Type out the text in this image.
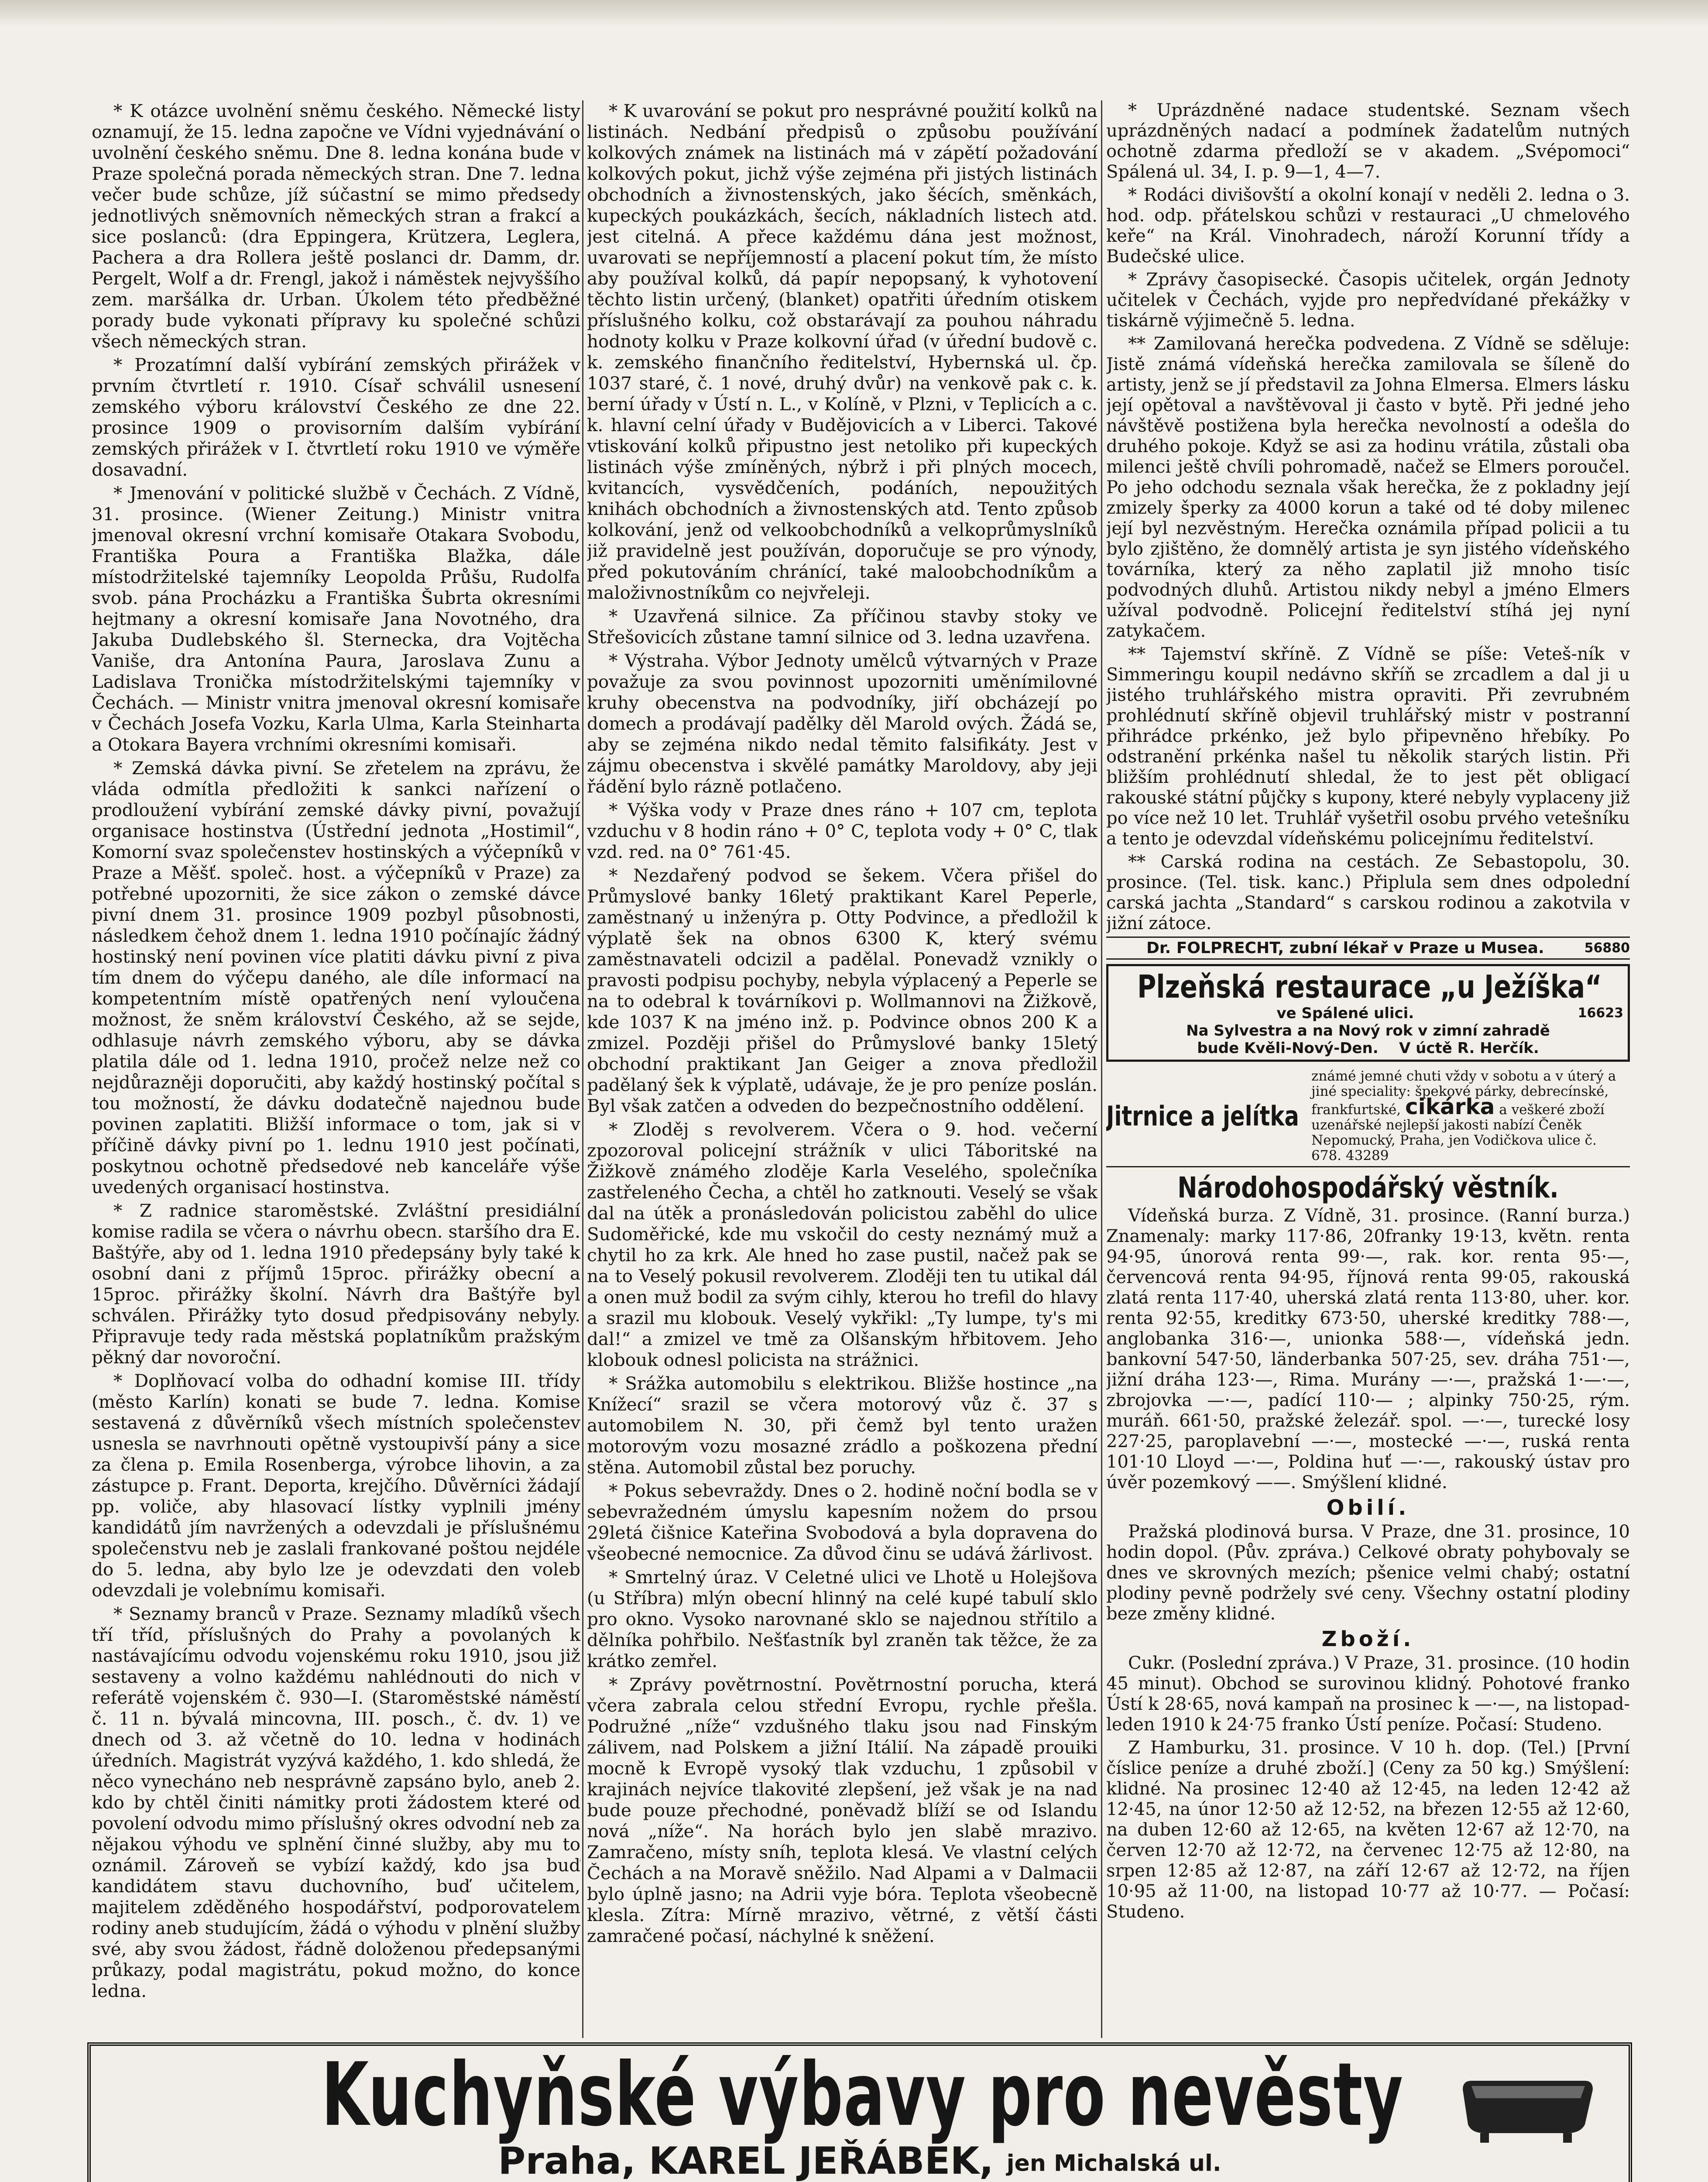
* K otázce uvolnění sněmu českého. Německé listy oznamují, že 15. ledna započne ve Vídni vyjednávání o uvolnění českého sněmu. Dne 8. ledna konána bude v Praze společná porada německých stran. Dne 7. ledna večer bude schůze, jíž súčastní se mimo předsedy jednotlivých sněmovních německých stran a frakcí a sice poslanců: (dra Eppingera, Krützera, Leglera, Pachera a dra Rollera ještě poslanci dr. Damm, dr. Pergelt, Wolf a dr. Frengl, jakož i náměstek nejvyššího zem. maršálka dr. Urban. Úkolem této předběžné porady bude vykonati přípravy ku společné schůzi všech německých stran.

* Prozatímní další vybírání zemských přirážek v prvním čtvrtletí r. 1910. Císař schválil usnesení zemského výboru království Českého ze dne 22. prosince 1909 o provisorním dalším vybírání zemských přirážek v I. čtvrtletí roku 1910 ve výměře dosavadní.

* Jmenování v politické službě v Čechách. Z Vídně, 31. prosince. (Wiener Zeitung.) Ministr vnitra jmenoval okresní vrchní komisaře Otakara Svobodu, Františka Poura a Františka Blažka, dále místodržitelské tajemníky Leopolda Průšu, Rudolfa svob. pána Procházku a Františka Šubrta okresními hejtmany a okresní komisaře Jana Novotného, dra Jakuba Dudlebského šl. Sternecka, dra Vojtěcha Vaniše, dra Antonína Paura, Jaroslava Zunu a Ladislava Tronička místodržitelskými tajemníky v Čechách. — Ministr vnitra jmenoval okresní komisaře v Čechách Josefa Vozku, Karla Ulma, Karla Steinharta a Otokara Bayera vrchními okresními komisaři.

* Zemská dávka pivní. Se zřetelem na zprávu, že vláda odmítla předložiti k sankci nařízení o prodloužení vybírání zemské dávky pivní, považují organisace hostinstva (Ústřední jednota „Hostimil“, Komorní svaz společenstev hostinských a výčepníků v Praze a Měšť. společ. host. a výčepníků v Praze) za potřebné upozorniti, že sice zákon o zemské dávce pivní dnem 31. prosince 1909 pozbyl působnosti, následkem čehož dnem 1. ledna 1910 počínajíc žádný hostinský není povinen více platiti dávku pivní z piva tím dnem do výčepu daného, ale díle informací na kompetentním místě opatřených není vyloučena možnost, že sněm království Českého, až se sejde, odhlasuje návrh zemského výboru, aby se dávka platila dále od 1. ledna 1910, pročež nelze než co nejdůrazněji doporučiti, aby každý hostinský počítal s tou možností, že dávku dodatečně najednou bude povinen zaplatiti. Bližší informace o tom, jak si v příčině dávky pivní po 1. lednu 1910 jest počínati, poskytnou ochotně předsedové neb kanceláře výše uvedených organisací hostinstva.

* Z radnice staroměstské. Zvláštní presidiální komise radila se včera o návrhu obecn. staršího dra E. Baštýře, aby od 1. ledna 1910 předepsány byly také k osobní dani z příjmů 15proc. přirážky obecní a 15proc. přirážky školní. Návrh dra Baštýře byl schválen. Přirážky tyto dosud předpisovány nebyly. Připravuje tedy rada městská poplatníkům pražským pěkný dar novoroční.

* Doplňovací volba do odhadní komise III. třídy (město Karlín) konati se bude 7. ledna. Komise sestavená z důvěrníků všech místních společenstev usnesla se navrhnouti opětně vystoupivší pány a sice za člena p. Emila Rosenberga, výrobce lihovin, a za zástupce p. Frant. Deporta, krejčího. Důvěrníci žádají pp. voliče, aby hlasovací lístky vyplnili jmény kandidátů jím navržených a odevzdali je příslušnému společenstvu neb je zaslali frankované poštou nejdéle do 5. ledna, aby bylo lze je odevzdati den voleb odevzdali je volebnímu komisaři.

* Seznamy branců v Praze. Seznamy mladíků všech tří tříd, příslušných do Prahy a povolaných k nastávajícímu odvodu vojenskému roku 1910, jsou již sestaveny a volno každému nahlédnouti do nich v referátě vojenském č. 930—I. (Staroměstské náměstí č. 11 n. bývalá mincovna, III. posch., č. dv. 1) ve dnech od 3. až včetně do 10. ledna v hodinách úředních. Magistrát vyzývá každého, 1. kdo shledá, že něco vynecháno neb nesprávně zapsáno bylo, aneb 2. kdo by chtěl činiti námitky proti žádostem které od povolení odvodu mimo příslušný okres odvodní neb za nějakou výhodu ve splnění činné služby, aby mu to oznámil. Zároveň se vybízí každý, kdo jsa buď kandidátem stavu duchovního, buď učitelem, majitelem zděděného hospodářství, podporovatelem rodiny aneb studujícím, žádá o výhodu v plnění služby své, aby svou žádost, řádně doloženou předepsanými průkazy, podal magistrátu, pokud možno, do konce ledna.

* K uvarování se pokut pro nesprávné použití kolků na listinách. Nedbání předpisů o způsobu používání kolkových známek na listinách má v zápětí požadování kolkových pokut, jichž výše zejména při jistých listinách obchodních a živnostenských, jako šécích, směnkách, kupeckých poukázkách, šecích, nákladních listech atd. jest citelná. A přece každému dána jest možnost, uvarovati se nepříjemností a placení pokut tím, že místo aby používal kolků, dá papír nepopsaný, k vyhotovení těchto listin určený, (blanket) opatřiti úředním otiskem příslušného kolku, což obstarávají za pouhou náhradu hodnoty kolku v Praze kolkovní úřad (v úřední budově c. k. zemského finančního ředitelství, Hybernská ul. čp. 1037 staré, č. 1 nové, druhý dvůr) na venkově pak c. k. berní úřady v Ústí n. L., v Kolíně, v Plzni, v Teplicích a c. k. hlavní celní úřady v Budějovicích a v Liberci. Takové vtiskování kolků připustno jest netoliko při kupeckých listinách výše zmíněných, nýbrž i při plných mocech, kvitancích, vysvědčeních, podáních, nepoužitých knihách obchodních a živnostenských atd. Tento způsob kolkování, jenž od velkoobchodníků a velkoprůmyslníků již pravidelně jest používán, doporučuje se pro výnody, před pokutováním chránící, také maloobchodníkům a maloživnostníkům co nejvřeleji.

* Uzavřená silnice. Za příčinou stavby stoky ve Střešovicích zůstane tamní silnice od 3. ledna uzavřena.

* Výstraha. Výbor Jednoty umělců výtvarných v Praze považuje za svou povinnost upozorniti uměnímilovné kruhy obecenstva na podvodníky, jiří obcházejí po domech a prodávají padělky děl Marold ových. Žádá se, aby se zejména nikdo nedal těmito falsifikáty. Jest v zájmu obecenstva i skvělé památky Maroldovy, aby jeji řádění bylo rázně potlačeno.

* Výška vody v Praze dnes ráno + 107 cm, teplota vzduchu v 8 hodin ráno + 0° C, teplota vody + 0° C, tlak vzd. red. na 0° 761·45.

* Nezdařený podvod se šekem. Včera přišel do Průmyslové banky 16letý praktikant Karel Peperle, zaměstnaný u inženýra p. Otty Podvince, a předložil k výplatě šek na obnos 6300 K, který svému zaměstnavateli odcizil a padělal. Ponevadž vznikly o pravosti podpisu pochyby, nebyla výplacený a Peperle se na to odebral k továrníkovi p. Wollmannovi na Žižkově, kde 1037 K na jméno inž. p. Podvince obnos 200 K a zmizel. Později přišel do Průmyslové banky 15letý obchodní praktikant Jan Geiger a znova předložil padělaný šek k výplatě, udávaje, že je pro peníze poslán. Byl však zatčen a odveden do bezpečnostního oddělení.

* Zloděj s revolverem. Včera o 9. hod. večerní zpozoroval policejní strážník v ulici Táboritské na Žižkově známého zloděje Karla Veselého, společníka zastřeleného Čecha, a chtěl ho zatknouti. Veselý se však dal na útěk a pronásledován policistou zaběhl do ulice Sudoměřické, kde mu vskočil do cesty neznámý muž a chytil ho za krk. Ale hned ho zase pustil, načež pak se na to Veselý pokusil revolverem. Zloději ten tu utikal dál a onen muž bodil za svým cihly, kterou ho trefil do hlavy a srazil mu klobouk. Veselý vykřikl: „Ty lumpe, ty's mi dal!“ a zmizel ve tmě za Olšanským hřbitovem. Jeho klobouk odnesl policista na strážnici.

* Srážka automobilu s elektrikou. Bližše hostince „na Knížecí“ srazil se včera motorový vůz č. 37 s automobilem N. 30, při čemž byl tento uražen motorovým vozu mosazné zrádlo a poškozena přední stěna. Automobil zůstal bez poruchy.

* Pokus sebevraždy. Dnes o 2. hodině noční bodla se v sebevražedném úmyslu kapesním nožem do prsou 29letá čišnice Kateřina Svobodová a byla dopravena do všeobecné nemocnice. Za důvod činu se udává žárlivost.

* Smrtelný úraz. V Celetné ulici ve Lhotě u Holejšova (u Stříbra) mlýn obecní hlinný na celé kupé tabulí sklo pro okno. Vysoko narovnané sklo se najednou střítilo a dělníka pohřbilo. Nešťastník byl zraněn tak těžce, že za krátko zemřel.

* Zprávy povětrnostní. Povětrnostní porucha, která včera zabrala celou střední Evropu, rychle přešla. Podružné „níže“ vzdušného tlaku jsou nad Finským zálivem, nad Polskem a jižní Itálií. Na západě prouiki mocně k Evropě vysoký tlak vzduchu, 1 způsobil v krajinách nejvíce tlakovité zlepšení, jež však je na nad bude pouze přechodné, poněvadž blíží se od Islandu nová „níže“. Na horách bylo jen slabě mrazivo. Zamračeno, místy sníh, teplota klesá. Ve vlastní celých Čechách a na Moravě sněžilo. Nad Alpami a v Dalmacii bylo úplně jasno; na Adrii vyje bóra. Teplota všeobecně klesla. Zítra: Mírně mrazivo, větrné, z větší části zamračené počasí, náchylné k sněžení.

* Uprázdněné nadace studentské. Seznam všech uprázdněných nadací a podmínek žadatelům nutných ochotně zdarma předloží se v akadem. „Svépomoci“ Spálená ul. 34, I. p. 9—1, 4—7.

* Rodáci divišovští a okolní konají v neděli 2. ledna o 3. hod. odp. přátelskou schůzi v restauraci „U chmelového keře“ na Král. Vinohradech, nároží Korunní třídy a Budečské ulice.

* Zprávy časopisecké. Časopis učitelek, orgán Jednoty učitelek v Čechách, vyjde pro nepředvídané překážky v tiskárně výjimečně 5. ledna.

** Zamilovaná herečka podvedena. Z Vídně se sděluje: Jistě známá vídeňská herečka zamilovala se šíleně do artisty, jenž se jí představil za Johna Elmersa. Elmers lásku její opětoval a navštěvoval ji často v bytě. Při jedné jeho návštěvě postižena byla herečka nevolností a odešla do druhého pokoje. Když se asi za hodinu vrátila, zůstali oba milenci ještě chvíli pohromadě, načež se Elmers poroučel. Po jeho odchodu seznala však herečka, že z pokladny její zmizely šperky za 4000 korun a také od té doby milenec její byl nezvěstným. Herečka oznámila případ policii a tu bylo zjištěno, že domnělý artista je syn jistého vídeňského továrníka, který za něho zaplatil již mnoho tisíc podvodných dluhů. Artistou nikdy nebyl a jméno Elmers užíval podvodně. Policejní ředitelství stíhá jej nyní zatykačem.

** Tajemství skříně. Z Vídně se píše: Veteš-ník v Simmeringu koupil nedávno skříň se zrcadlem a dal ji u jistého truhlářského mistra opraviti. Při zevrubném prohlédnutí skříně objevil truhlářský mistr v postranní přihrádce prkénko, jež bylo připevněno hřebíky. Po odstranění prkénka našel tu několik starých listin. Při bližším prohlédnutí shledal, že to jest pět obligací rakouské státní půjčky s kupony, které nebyly vyplaceny již po více než 10 let. Truhlář vyšetřil osobu prvého vetešníku a tento je odevzdal vídeňskému policejnímu ředitelství.

** Carská rodina na cestách. Ze Sebastopolu, 30. prosince. (Tel. tisk. kanc.) Připlula sem dnes odpolední carská jachta „Standard“ s carskou rodinou a zakotvila v jižní zátoce.

Dr. FOLPRECHT, zubní lékař v Praze u Musea.	56880
Plzeňská restaurace „u Ježíška“
ve Spálené ulici.	16623
Na Sylvestra a na Nový rok v zimní zahradě
bude Kvěli-Nový-Den. V úctě R. Herčík.
Jitrnice a jelítka
známé jemné chuti vždy v sobotu a v úterý a jiné speciality: špekové párky, debrecínské, frankfurtské, cikárka a veškeré zboží uzenářské nejlepší jakosti nabízí Čeněk Nepomucký, Praha, jen Vodičkova ulice č. 678. 43289
Národohospodářský věstník.

Vídeňská burza. Z Vídně, 31. prosince. (Ranní burza.) Znamenaly: marky 117·86, 20franky 19·13, květn. renta 94·95, únorová renta 99·—, rak. kor. renta 95·—, červencová renta 94·95, říjnová renta 99·05, rakouská zlatá renta 117·40, uherská zlatá renta 113·80, uher. kor. renta 92·55, kreditky 673·50, uherské kreditky 788·—, anglobanka 316·—, unionka 588·—, vídeňská jedn. bankovní 547·50, länderbanka 507·25, sev. dráha 751·—, jižní dráha 123·—, Rima. Murány —·—, pražská 1·—·—, zbrojovka —·—, padící 110·— ; alpinky 750·25, rým. muráň. 661·50, pražské železář. spol. —·—, turecké losy 227·25, paroplavební —·—, mostecké —·—, ruská renta 101·10 Lloyd —·—, Poldina huť —·—, rakouský ústav pro úvěr pozemkový ——. Smýšlení klidné.

Obilí.

Pražská plodinová bursa. V Praze, dne 31. prosince, 10 hodin dopol. (Pův. zpráva.) Celkové obraty pohybovaly se dnes ve skrovných mezích; pšenice velmi chabý; ostatní plodiny pevně podržely své ceny. Všechny ostatní plodiny beze změny klidné.

Zboží.

Cukr. (Poslední zpráva.) V Praze, 31. prosince. (10 hodin 45 minut). Obchod se surovinou klidný. Pohotové franko Ústí k 28·65, nová kampaň na prosinec k —·—, na listopad-leden 1910 k 24·75 franko Ústí peníze. Počasí: Studeno.

Z Hamburku, 31. prosince. V 10 h. dop. (Tel.) [První číslice peníze a druhé zboží.] (Ceny za 50 kg.) Smýšlení: klidné. Na prosinec 12·40 až 12·45, na leden 12·42 až 12·45, na únor 12·50 až 12·52, na březen 12·55 až 12·60, na duben 12·60 až 12·65, na květen 12·67 až 12·70, na červen 12·70 až 12·72, na červenec 12·75 až 12·80, na srpen 12·85 až 12·87, na září 12·67 až 12·72, na říjen 10·95 až 11·00, na listopad 10·77 až 10·77. — Počasí: Studeno.

Kuchyňské výbavy pro nevěsty
Praha, KAREL JEŘÁBEK, jen Michalská ul.
